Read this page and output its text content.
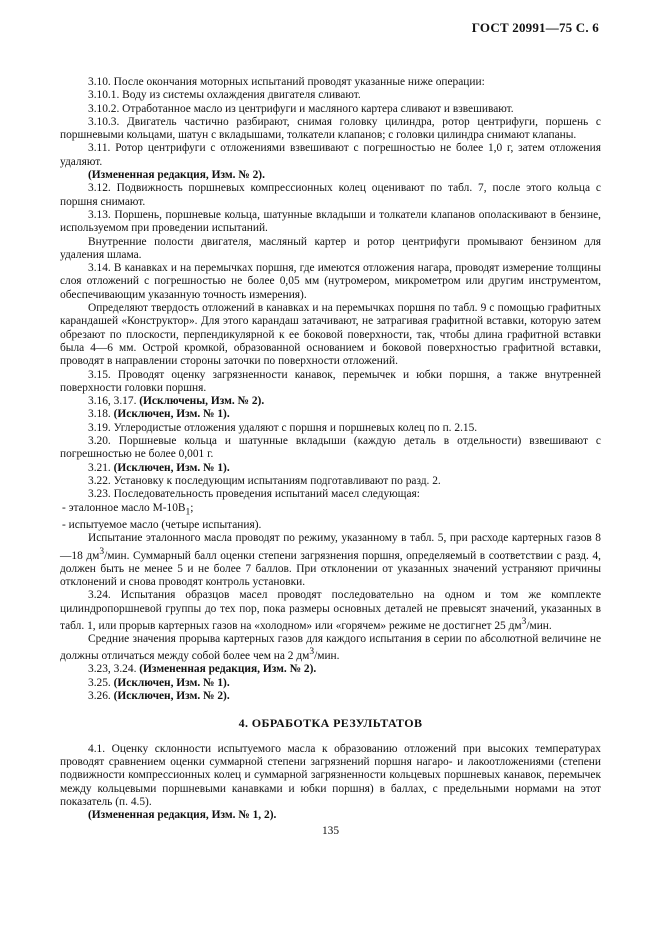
ГОСТ 20991—75 С. 6

3.10. После окончания моторных испытаний проводят указанные ниже операции:

3.10.1. Воду из системы охлаждения двигателя сливают.

3.10.2. Отработанное масло из центрифуги и масляного картера сливают и взвешивают.

3.10.3. Двигатель частично разбирают, снимая головку цилиндра, ротор центрифуги, поршень с поршневыми кольцами, шатун с вкладышами, толкатели клапанов; с головки цилиндра снимают клапаны.

3.11. Ротор центрифуги с отложениями взвешивают с погрешностью не более 1,0 г, затем отложения удаляют.

(Измененная редакция, Изм. № 2).

3.12. Подвижность поршневых компрессионных колец оценивают по табл. 7, после этого кольца с поршня снимают.

3.13. Поршень, поршневые кольца, шатунные вкладыши и толкатели клапанов ополаскивают в бензине, используемом при проведении испытаний.

Внутренние полости двигателя, масляный картер и ротор центрифуги промывают бензином для удаления шлама.

3.14. В канавках и на перемычках поршня, где имеются отложения нагара, проводят измерение толщины слоя отложений с погрешностью не более 0,05 мм (нутромером, микрометром или другим инструментом, обеспечивающим указанную точность измерения).

Определяют твердость отложений в канавках и на перемычках поршня по табл. 9 с помощью графитных карандашей «Конструктор». Для этого карандаш затачивают, не затрагивая графитной вставки, которую затем обрезают по плоскости, перпендикулярной к ее боковой поверхности, так, чтобы длина графитной вставки была 4—6 мм. Острой кромкой, образованной основанием и боковой поверхностью графитной вставки, проводят в направлении стороны заточки по поверхности отложений.

3.15. Проводят оценку загрязненности канавок, перемычек и юбки поршня, а также внутренней поверхности головки поршня.

3.16, 3.17. (Исключены, Изм. № 2).

3.18. (Исключен, Изм. № 1).

3.19. Углеродистые отложения удаляют с поршня и поршневых колец по п. 2.15.

3.20. Поршневые кольца и шатунные вкладыши (каждую деталь в отдельности) взвешивают с погрешностью не более 0,001 г.

3.21. (Исключен, Изм. № 1).

3.22. Установку к последующим испытаниям подготавливают по разд. 2.

3.23. Последовательность проведения испытаний масел следующая:

- эталонное масло $М-10В_1$;

- испытуемое масло (четыре испытания).

Испытание эталонного масла проводят по режиму, указанному в табл. 5, при расходе картерных газов 8—18 $дм^3$/мин. Суммарный балл оценки степени загрязнения поршня, определяемый в соответствии с разд. 4, должен быть не менее 5 и не более 7 баллов. При отклонении от указанных значений устраняют причины отклонений и снова проводят контроль установки.

3.24. Испытания образцов масел проводят последовательно на одном и том же комплекте цилиндропоршневой группы до тех пор, пока размеры основных деталей не превысят значений, указанных в табл. 1, или прорыв картерных газов на «холодном» или «горячем» режиме не достигнет 25 $дм^3$/мин.

Средние значения прорыва картерных газов для каждого испытания в серии по абсолютной величине не должны отличаться между собой более чем на 2 $дм^3$/мин.

3.23, 3.24. (Измененная редакция, Изм. № 2).

3.25. (Исключен, Изм. № 1).

3.26. (Исключен, Изм. № 2).

4. ОБРАБОТКА РЕЗУЛЬТАТОВ

4.1. Оценку склонности испытуемого масла к образованию отложений при высоких температурах проводят сравнением оценки суммарной степени загрязнений поршня нагаро- и лакоотложениями (степени подвижности компрессионных колец и суммарной загрязненности кольцевых поршневых канавок, перемычек между кольцевыми поршневыми канавками и юбки поршня) в баллах, с предельными нормами на этот показатель (п. 4.5).

(Измененная редакция, Изм. № 1, 2).

135
